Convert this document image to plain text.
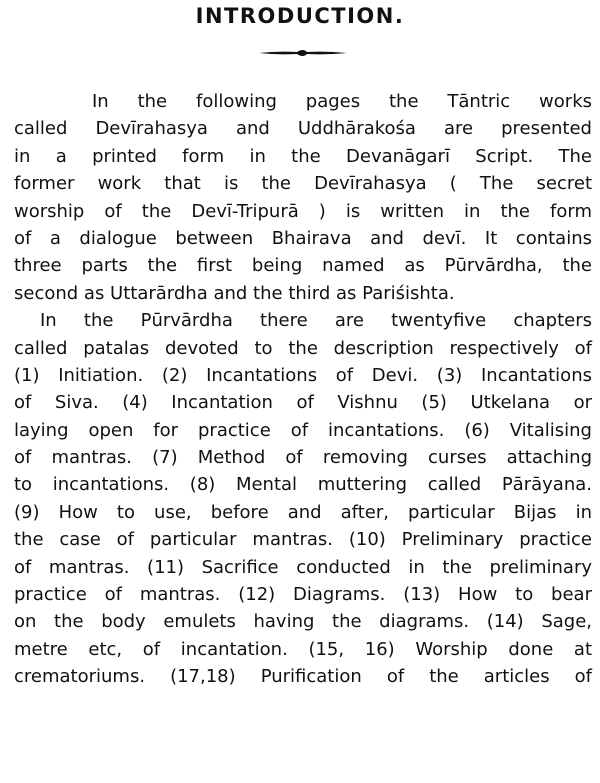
INTRODUCTION.
In the following pages the Tāntric works
called Devīrahasya and Uddhārakośa are presented
in a printed form in the Devanāgarī Script. The
former work that is the Devīrahasya ( The secret
worship of the Devī-Tripurā ) is written in the form
of a dialogue between Bhairava and devī. It contains
three parts the first being named as Pūrvārdha, the
second as Uttarārdha and the third as Pariśishta.
In the Pūrvārdha there are twentyfive chapters
called patalas devoted to the description respectively of
(1) Initiation. (2) Incantations of Devi. (3) Incantations
of Siva. (4) Incantation of Vishnu (5) Utkelana or
laying open for practice of incantations. (6) Vitalising
of mantras. (7) Method of removing curses attaching
to incantations. (8) Mental muttering called Pārāyana.
(9) How to use, before and after, particular Bijas in
the case of particular mantras. (10) Preliminary practice
of mantras. (11) Sacrifice conducted in the preliminary
practice of mantras. (12) Diagrams. (13) How to bear
on the body emulets having the diagrams. (14) Sage,
metre etc, of incantation. (15, 16) Worship done at
crematoriums. (17,18) Purification of the articles of
